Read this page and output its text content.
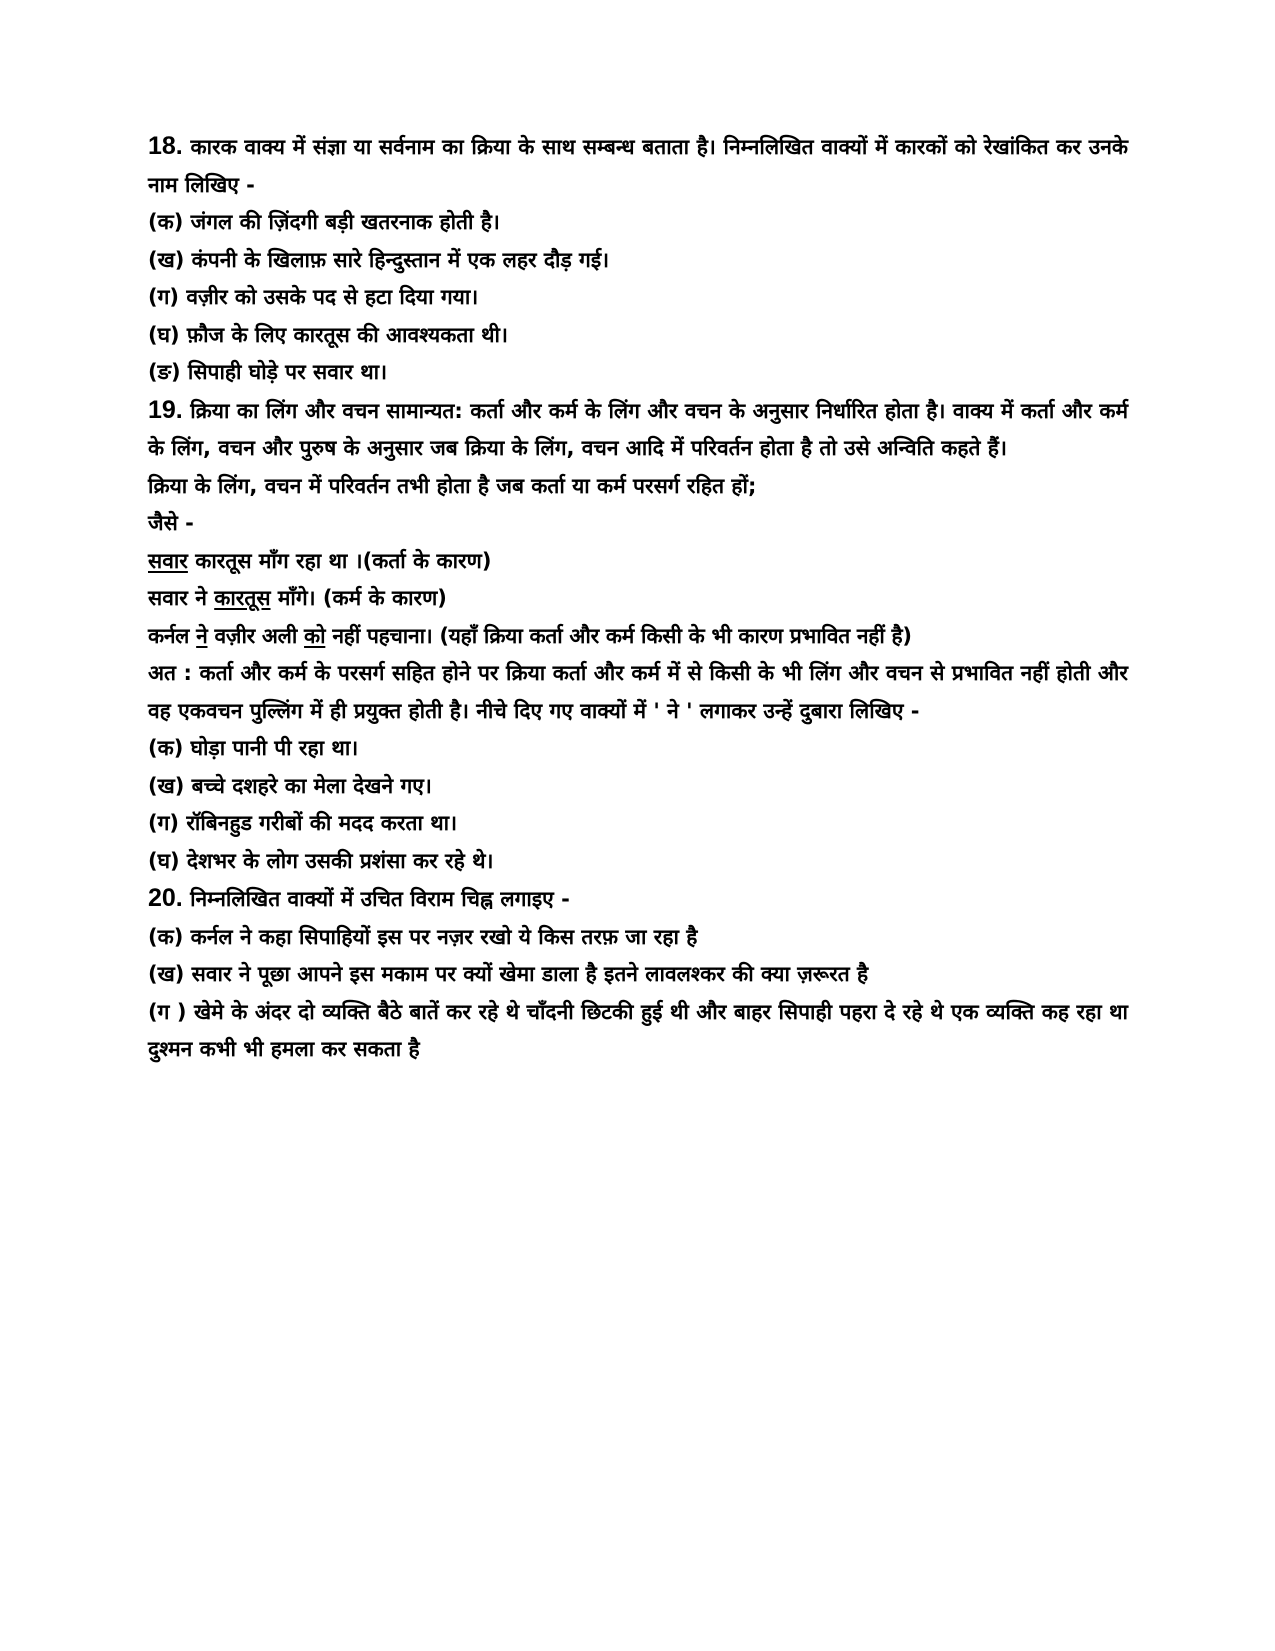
18. कारक वाक्य में संज्ञा या सर्वनाम का क्रिया के साथ सम्बन्ध बताता है। निम्नलिखित वाक्यों में कारकों को रेखांकित कर उनके नाम लिखिए -
(क) जंगल की ज़िंदगी बड़ी खतरनाक होती है।
(ख) कंपनी के खिलाफ़ सारे हिन्दुस्तान में एक लहर दौड़ गई।
(ग) वज़ीर को उसके पद से हटा दिया गया।
(घ) फ़ौज के लिए कारतूस की आवश्यकता थी।
(ङ) सिपाही घोड़े पर सवार था।
19. क्रिया का लिंग और वचन सामान्यत: कर्ता और कर्म के लिंग और वचन के अनुसार निर्धारित होता है। वाक्य में कर्ता और कर्म के लिंग, वचन और पुरुष के अनुसार जब क्रिया के लिंग, वचन आदि में परिवर्तन होता है तो उसे अन्विति कहते हैं।
क्रिया के लिंग, वचन में परिवर्तन तभी होता है जब कर्ता या कर्म परसर्ग रहित हों;
जैसे -
सवार कारतूस माँग रहा था ।(कर्ता के कारण)
सवार ने कारतूस माँगे। (कर्म के कारण)
कर्नल ने वज़ीर अली को नहीं पहचाना। (यहाँ क्रिया कर्ता और कर्म किसी के भी कारण प्रभावित नहीं है)
अत : कर्ता और कर्म के परसर्ग सहित होने पर क्रिया कर्ता और कर्म में से किसी के भी लिंग और वचन से प्रभावित नहीं होती और वह एकवचन पुल्लिंग में ही प्रयुक्त होती है। नीचे दिए गए वाक्यों में ' ने ' लगाकर उन्हें दुबारा लिखिए -
(क) घोड़ा पानी पी रहा था।
(ख) बच्चे दशहरे का मेला देखने गए।
(ग) रॉबिनहुड गरीबों की मदद करता था।
(घ) देशभर के लोग उसकी प्रशंसा कर रहे थे।
20. निम्नलिखित वाक्यों में उचित विराम चिह्न लगाइए -
(क) कर्नल ने कहा सिपाहियों इस पर नज़र रखो ये किस तरफ़ जा रहा है
(ख) सवार ने पूछा आपने इस मकाम पर क्यों खेमा डाला है इतने लावलश्कर की क्या ज़रूरत है
(ग ) खेमे के अंदर दो व्यक्ति बैठे बातें कर रहे थे चाँदनी छिटकी हुई थी और बाहर सिपाही पहरा दे रहे थे एक व्यक्ति कह रहा था दुश्मन कभी भी हमला कर सकता है
